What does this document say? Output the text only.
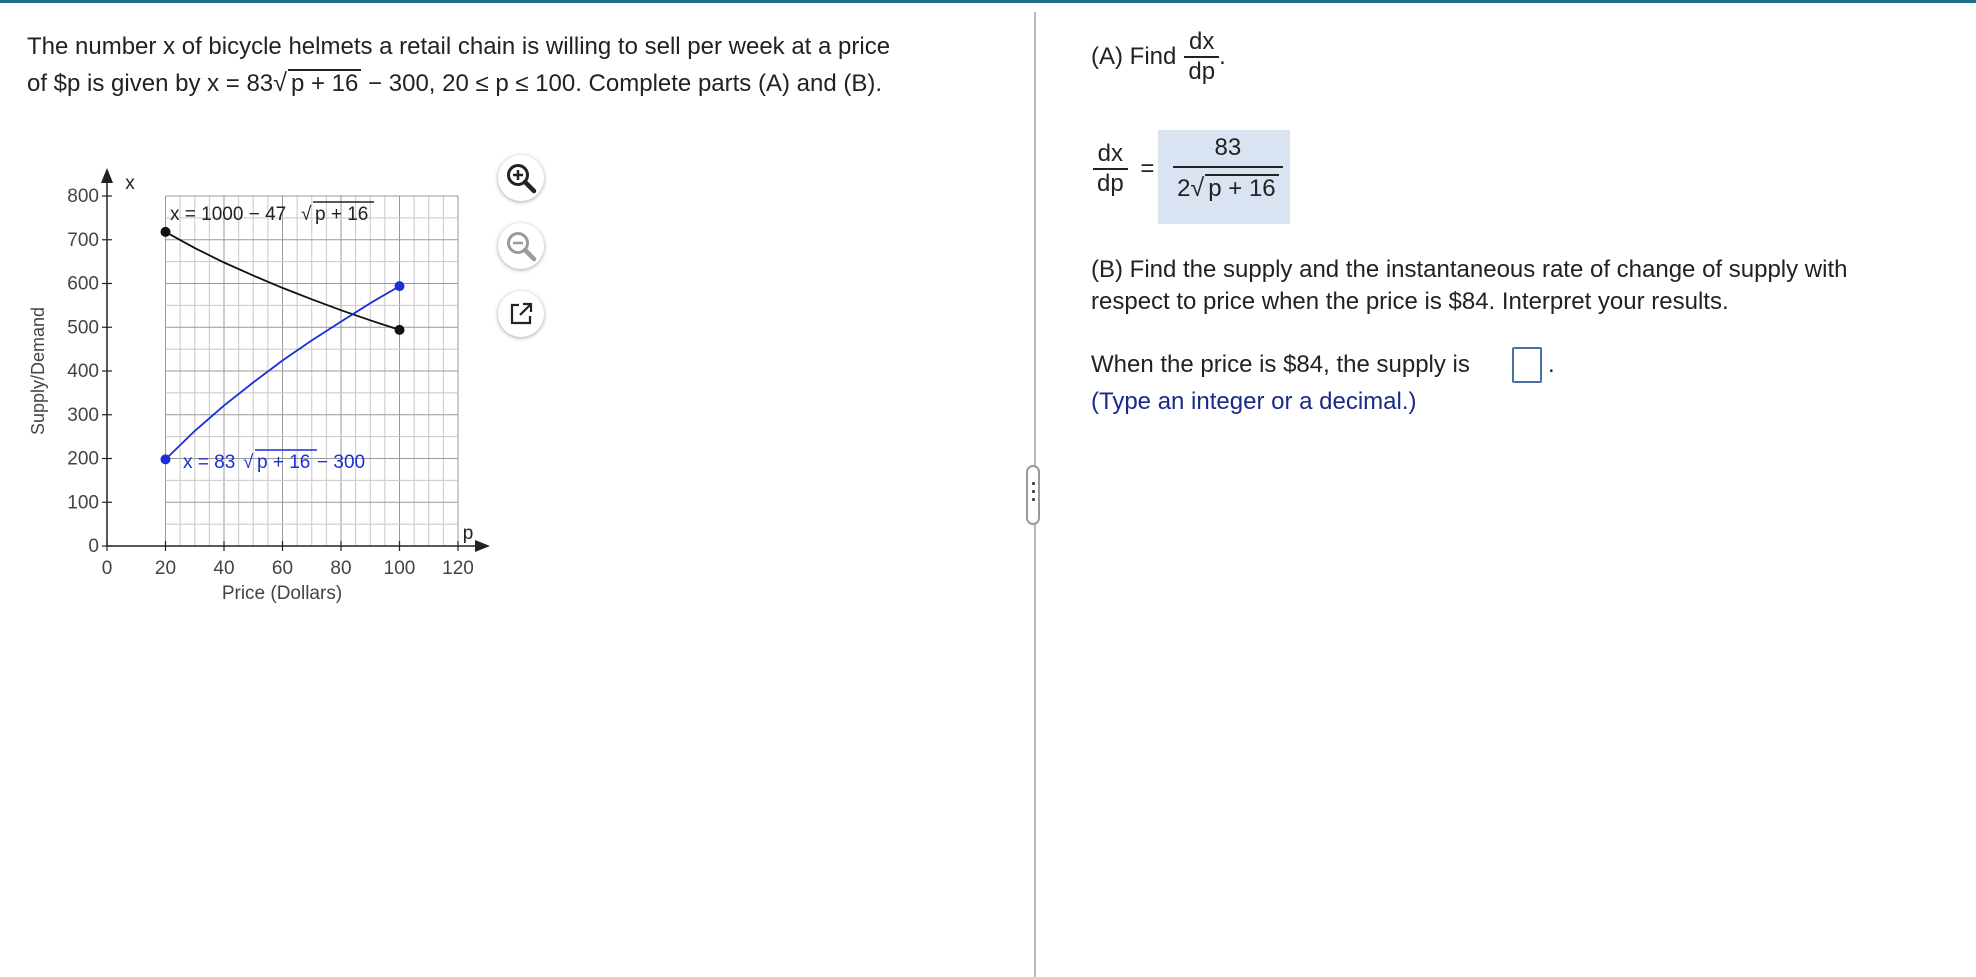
The number x of bicycle helmets a retail chain is willing to sell per week at a price
of $p is given by x = 83√ p + 16 − 300, 20 ≤ p ≤ 100. Complete parts (A) and (B).
0
100
200
300
400
500
600
700
800
0 20 40 60 80 100 120
Supply/Demand
Price (Dollars)
x
p
x = 1000 − 47 √ p + 16
x = 83 √ p + 16 − 300
(A) Find $\frac{dx}{dp}$ .
$\frac{dx}{dp} = \frac{83}{2√ p + 16}$
(B) Find the supply and the instantaneous rate of change of supply with
respect to price when the price is $84. Interpret your results.
When the price is $84, the supply is	.
(Type an integer or a decimal.)
